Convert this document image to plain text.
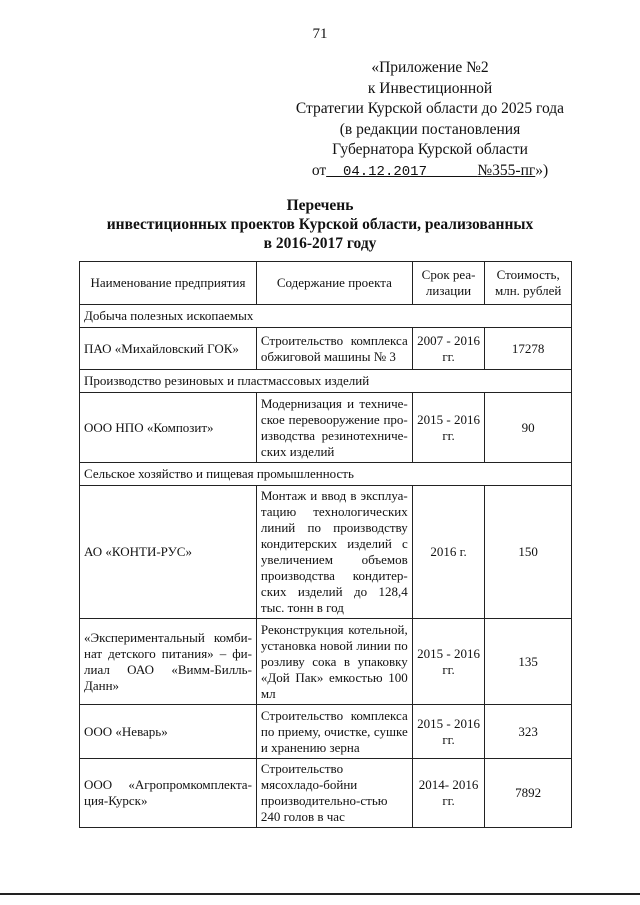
71
«Приложение №2
к Инвестиционной
Стратегии Курской области до 2025 года
(в редакции постановления
Губернатора Курской области
от 04.12.2017	№355-пг»)
Перечень
инвестиционных проектов Курской области, реализованных
в 2016-2017 году
Наименование предприятия	Содержание проекта	Срок реа-лизации	Стоимость, млн. рублей
Добыча полезных ископаемых			
ПАО «Михайловский ГОК»	Строительство комплекса обжиговой машины № 3	2007 - 2016 гг.	17278
Производство резиновых и пластмассовых изделий			
ООО НПО «Композит»	Модернизация и техниче-ское перевооружение про-изводства резинотехниче-ских изделий	2015 - 2016 гг.	90
Сельское хозяйство и пищевая промышленность			
АО «КОНТИ-РУС»	Монтаж и ввод в эксплуа-тацию технологических линий по производству кондитерских изделий с увеличением объемов производства кондитер-ских изделий до 128,4 тыс. тонн в год	2016 г.	150
«Экспериментальный комби-нат детского питания» – фи-лиал ОАО «Вимм-Билль-Данн»	Реконструкция котельной, установка новой линии по розливу сока в упаковку «Дой Пак» емкостью 100 мл	2015 - 2016 гг.	135
ООО «Неварь»	Строительство комплекса по приему, очистке, сушке и хранению зерна	2015 - 2016 гг.	323
ООО «Агропромкомплекта-ция-Курск»	Строительство мясохладо-бойни производительно-стью 240 голов в час	2014- 2016 гг.	7892
